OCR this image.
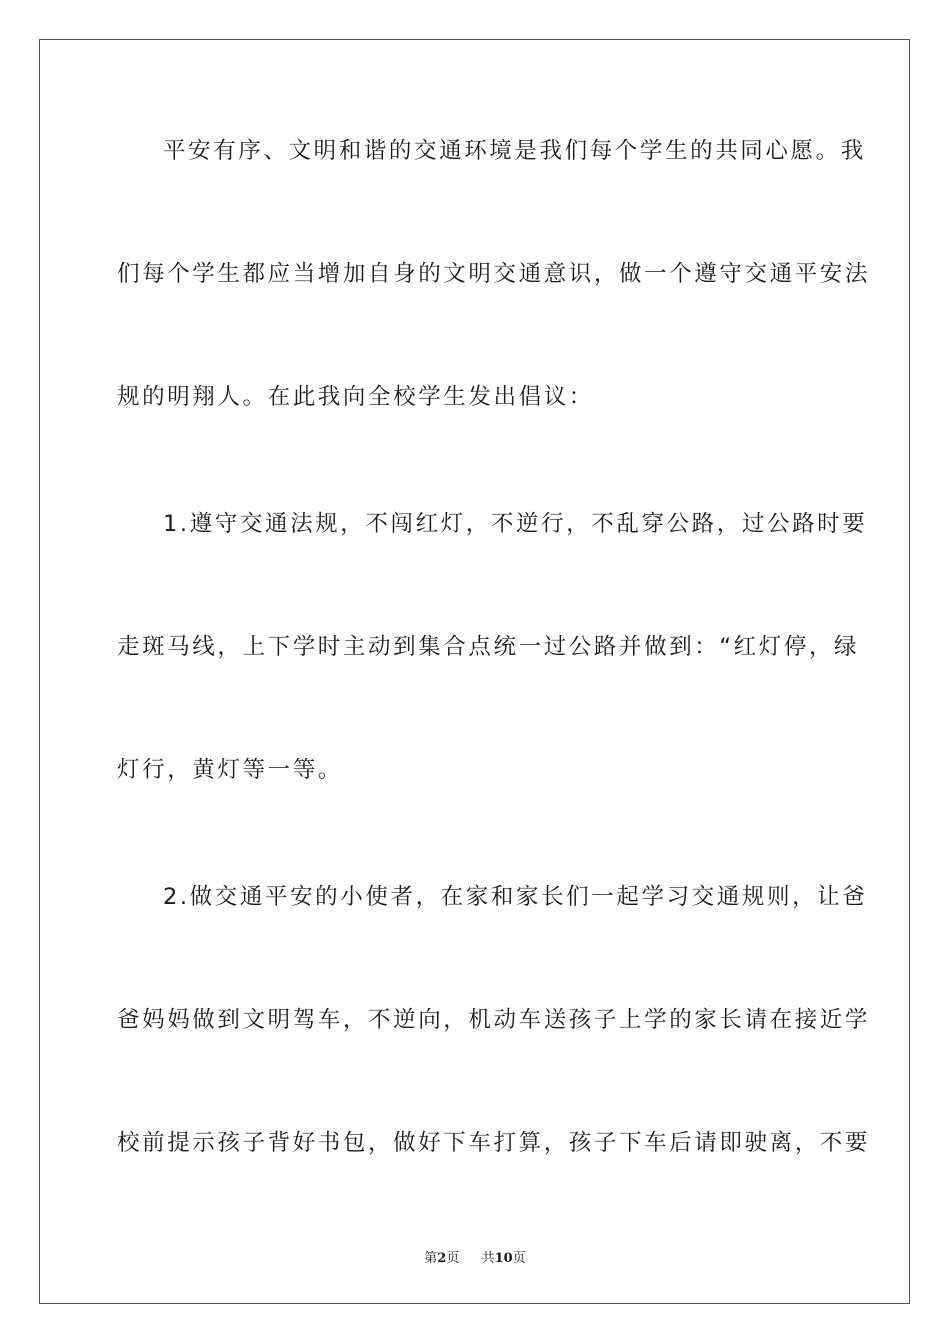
平安有序、文明和谐的交通环境是我们每个学生的共同心愿。我
们每个学生都应当增加自身的文明交通意识，做一个遵守交通平安法
规的明翔人。在此我向全校学生发出倡议：
1.遵守交通法规，不闯红灯，不逆行，不乱穿公路，过公路时要
走斑马线，上下学时主动到集合点统一过公路并做到：“红灯停，绿
灯行，黄灯等一等。
2.做交通平安的小使者，在家和家长们一起学习交通规则，让爸
爸妈妈做到文明驾车，不逆向，机动车送孩子上学的家长请在接近学
校前提示孩子背好书包，做好下车打算，孩子下车后请即驶离，不要
第2页 共10页
